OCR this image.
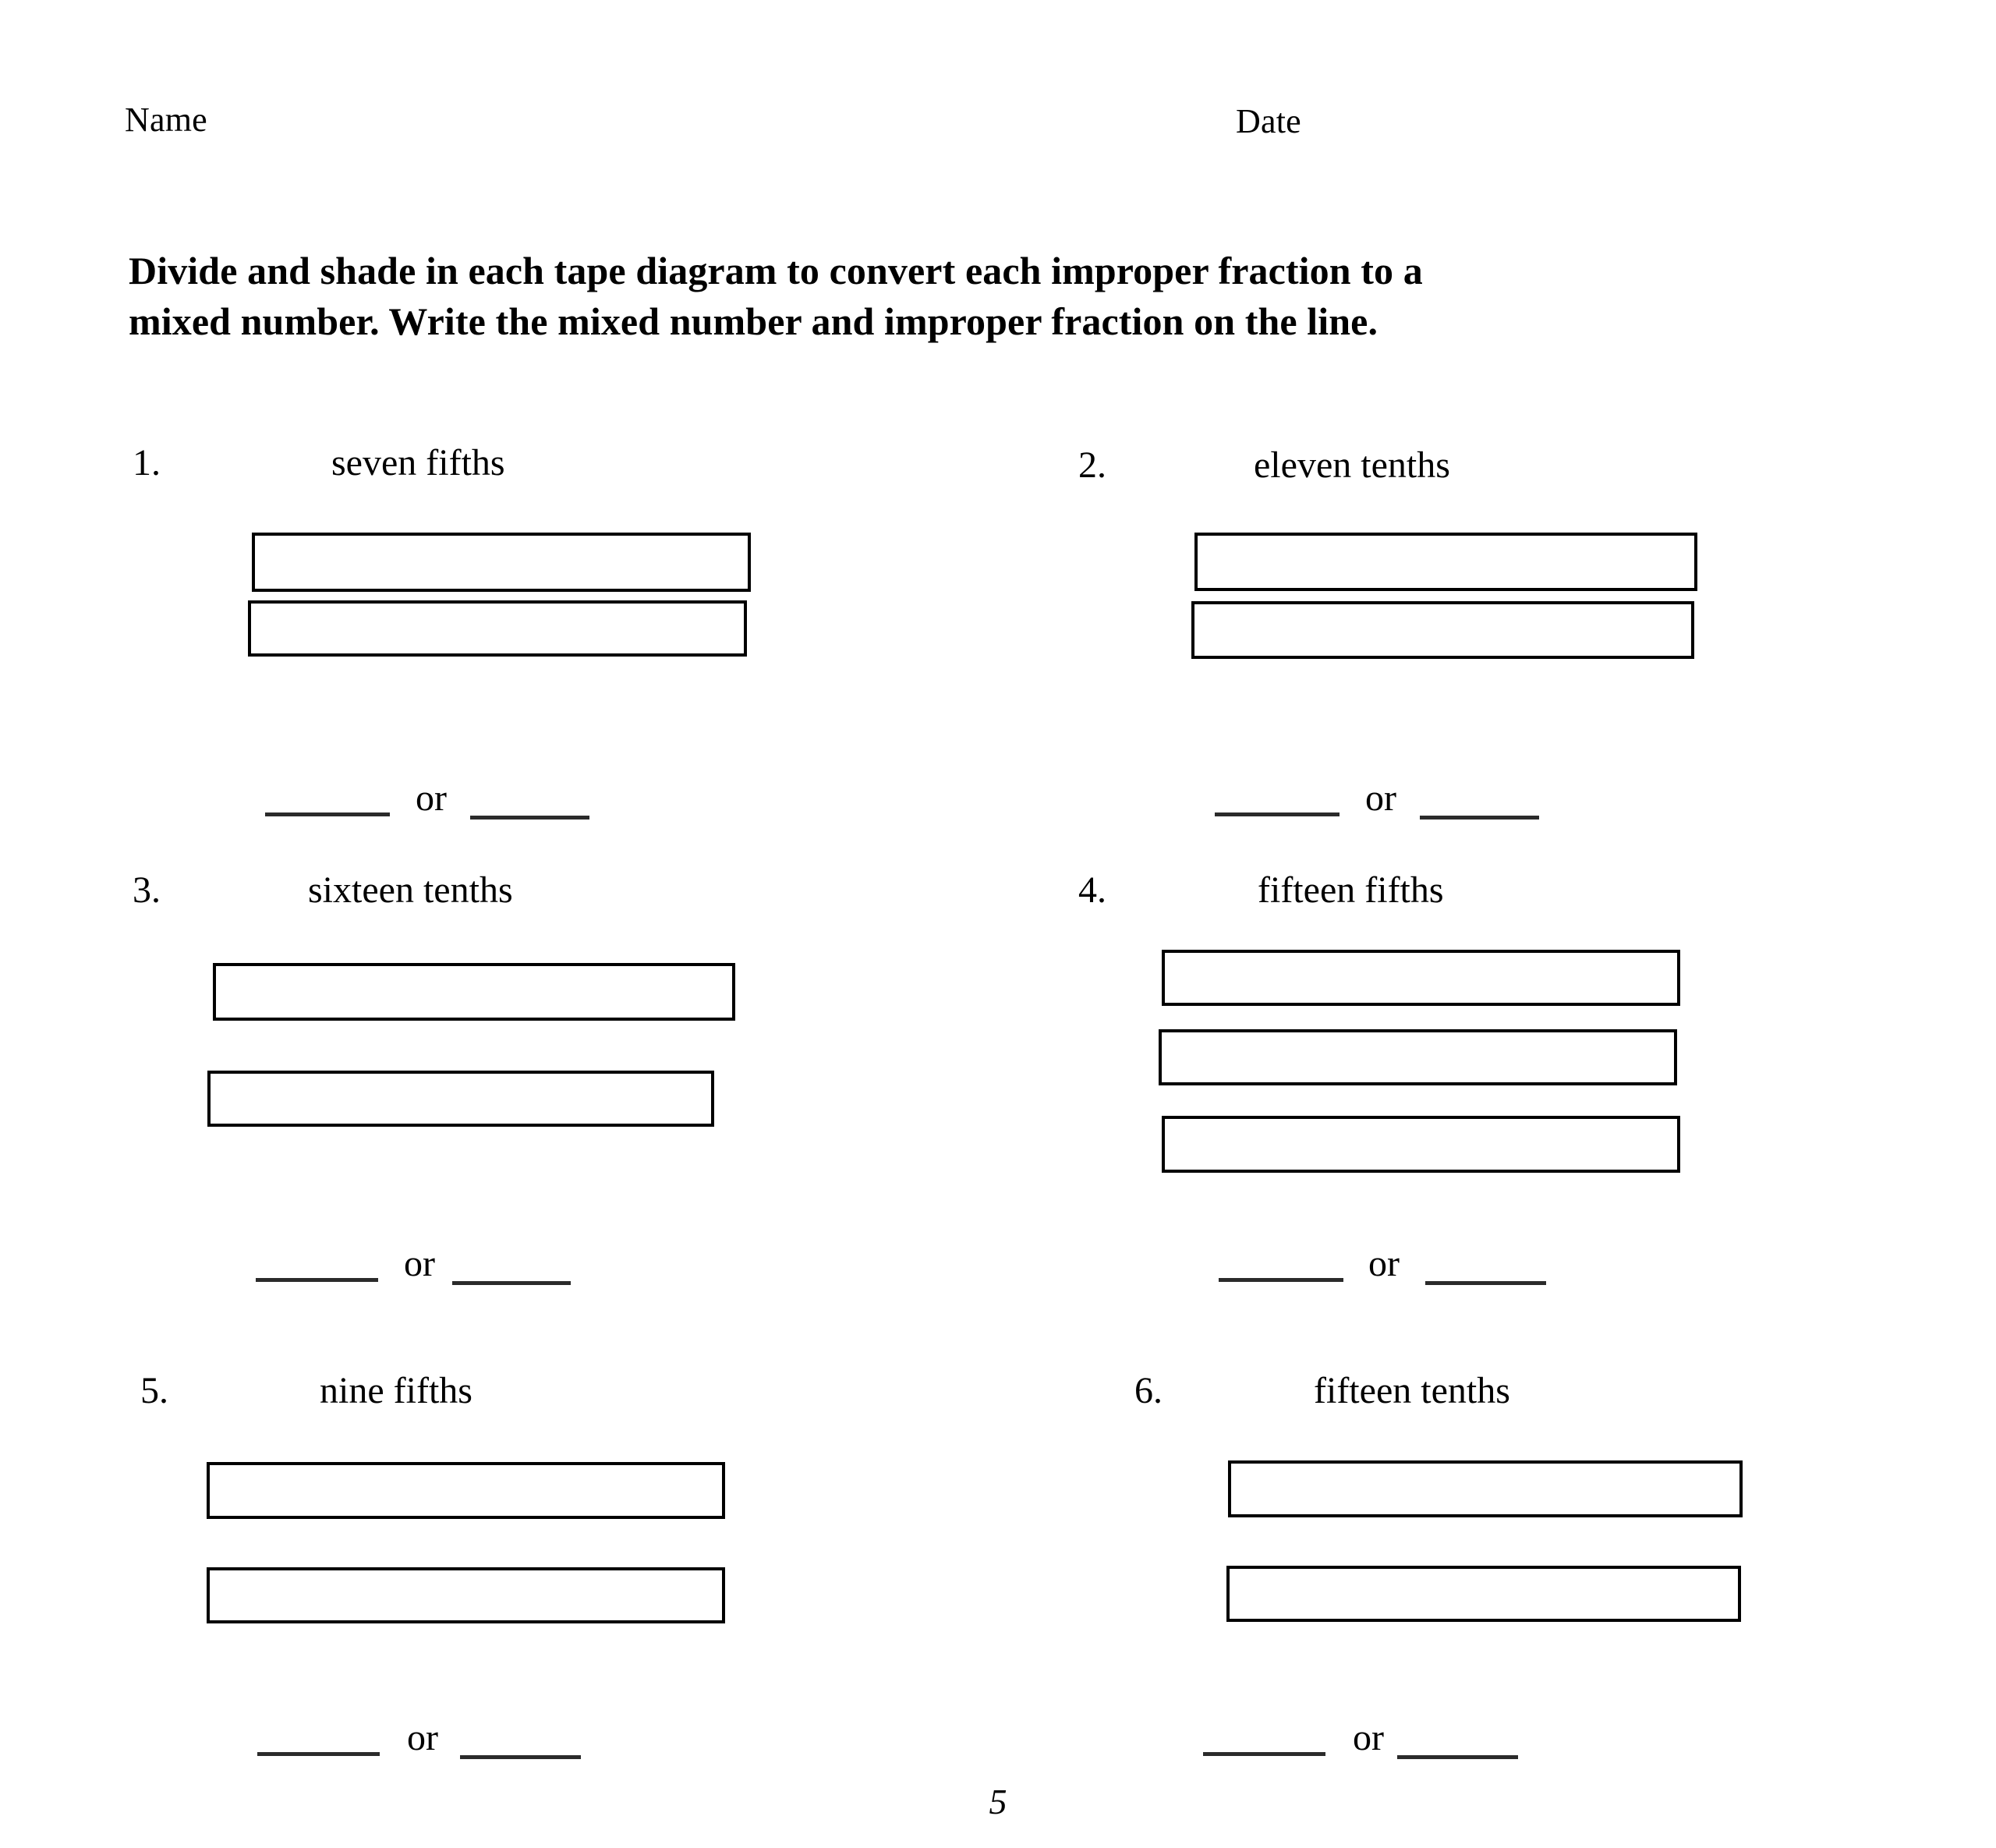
Name	Date
Divide and shade in each tape diagram to convert each improper fraction to a
mixed number. Write the mixed number and improper fraction on the line.
1.	seven fifths
or
2.	eleven tenths
or
3.	sixteen tenths
or
4.	fifteen fifths
or
5.	nine fifths
or
6.	fifteen tenths
or
5
